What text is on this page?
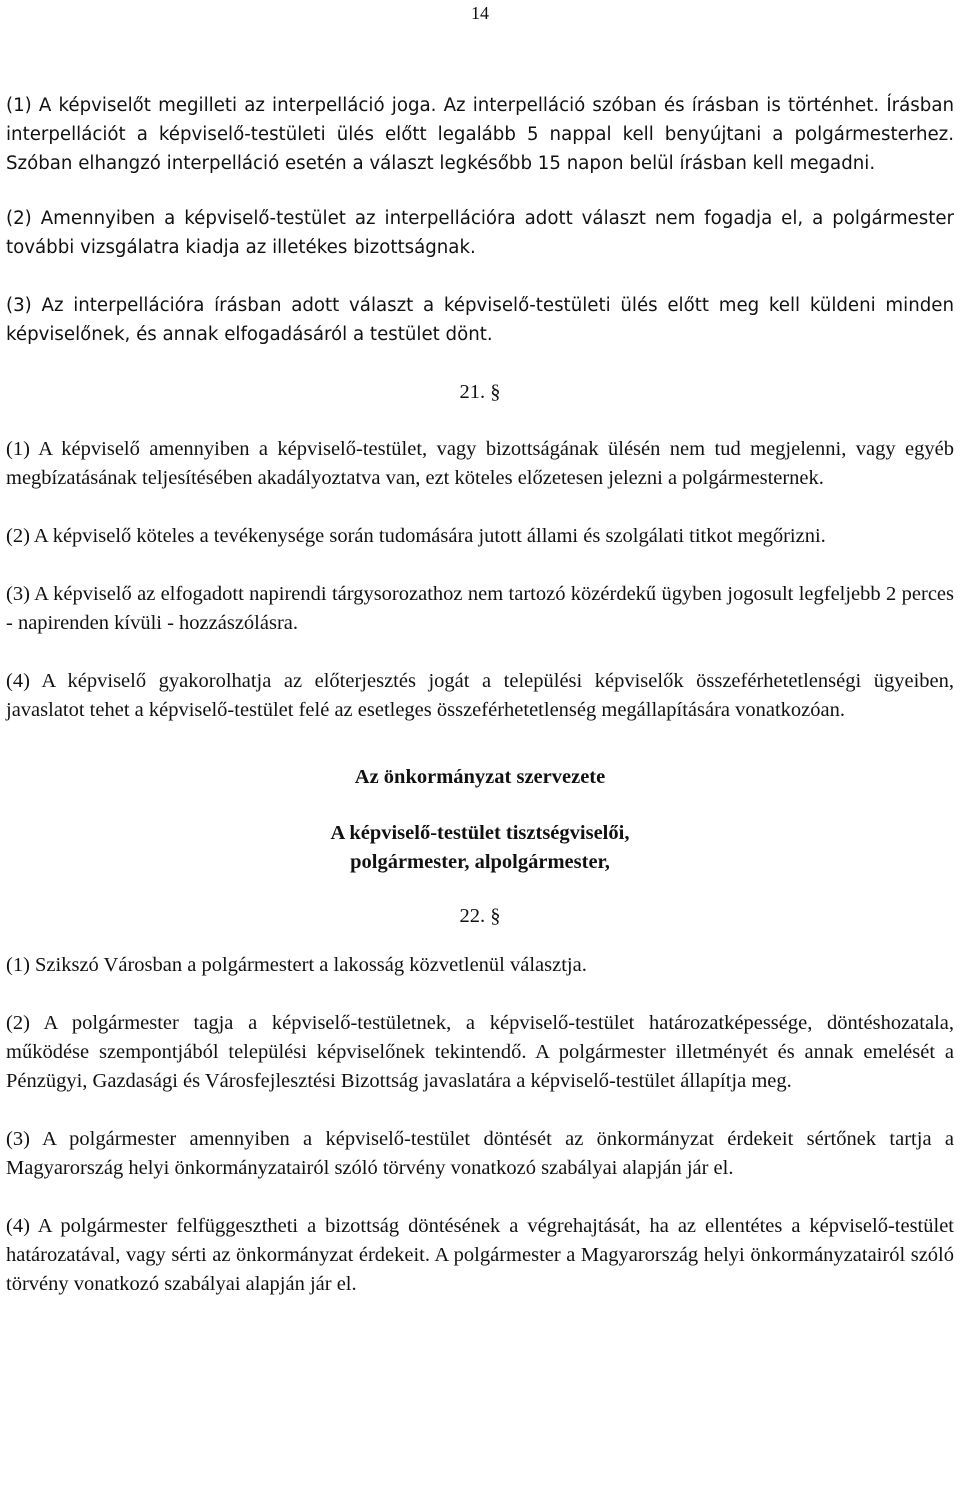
14

(1) A képviselőt megilleti az interpelláció joga. Az interpelláció szóban és írásban is történhet. Írásban interpellációt a képviselő-testületi ülés előtt legalább 5 nappal kell benyújtani a polgármesterhez. Szóban elhangzó interpelláció esetén a választ legkésőbb 15 napon belül írásban kell megadni.

(2) Amennyiben a képviselő-testület az interpellációra adott választ nem fogadja el, a polgármester további vizsgálatra kiadja az illetékes bizottságnak.

(3) Az interpellációra írásban adott választ a képviselő-testületi ülés előtt meg kell küldeni minden képviselőnek, és annak elfogadásáról a testület dönt.

21. §

(1) A képviselő amennyiben a képviselő-testület, vagy bizottságának ülésén nem tud megjelenni, vagy egyéb megbízatásának teljesítésében akadályoztatva van, ezt köteles előzetesen jelezni a polgármesternek.

(2) A képviselő köteles a tevékenysége során tudomására jutott állami és szolgálati titkot megőrizni.

(3) A képviselő az elfogadott napirendi tárgysorozathoz nem tartozó közérdekű ügyben jogosult legfeljebb 2 perces - napirenden kívüli - hozzászólásra.

(4) A képviselő gyakorolhatja az előterjesztés jogát a települési képviselők összeférhetetlenségi ügyeiben, javaslatot tehet a képviselő-testület felé az esetleges összeférhetetlenség megállapítására vonatkozóan.

Az önkormányzat szervezete
A képviselő-testület tisztségviselői,
polgármester, alpolgármester,
22. §

(1) Szikszó Városban a polgármestert a lakosság közvetlenül választja.

(2) A polgármester tagja a képviselő-testületnek, a képviselő-testület határozatképessége, döntéshozatala, működése szempontjából települési képviselőnek tekintendő. A polgármester illetményét és annak emelését a Pénzügyi, Gazdasági és Városfejlesztési Bizottság javaslatára a képviselő-testület állapítja meg.

(3) A polgármester amennyiben a képviselő-testület döntését az önkormányzat érdekeit sértőnek tartja a Magyarország helyi önkormányzatairól szóló törvény vonatkozó szabályai alapján jár el.

(4) A polgármester felfüggesztheti a bizottság döntésének a végrehajtását, ha az ellentétes a képviselő-testület határozatával, vagy sérti az önkormányzat érdekeit. A polgármester a Magyarország helyi önkormányzatairól szóló törvény vonatkozó szabályai alapján jár el.
